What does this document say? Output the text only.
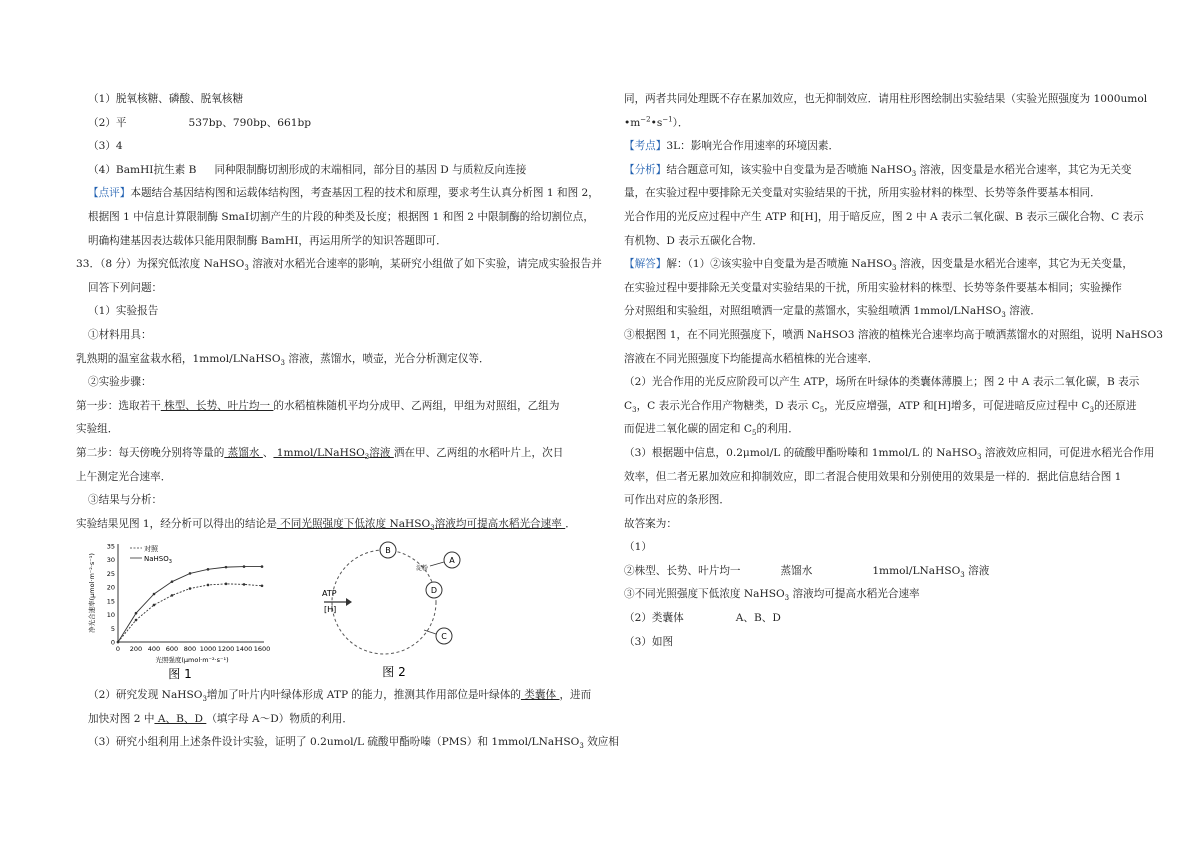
（1）脱氧核糖、磷酸、脱氧核糖
（2）平	537bp、790bp、661bp
（3）4
（4）BamHⅠ抗生素 B 同种限制酶切割形成的末端相同，部分目的基因 D 与质粒反向连接
【点评】本题结合基因结构图和运载体结构图，考查基因工程的技术和原理，要求考生认真分析图 1 和图 2，
根据图 1 中信息计算限制酶 SmaⅠ切割产生的片段的种类及长度；根据图 1 和图 2 中限制酶的给切割位点，
明确构建基因表达载体只能用限制酶 BamHⅠ，再运用所学的知识答题即可．
33．（8 分）为探究低浓度 NaHSO$_3$ 溶液对水稻光合速率的影响，某研究小组做了如下实验，请完成实验报告并
回答下列问题：
（1）实验报告
①材料用具：
乳熟期的温室盆栽水稻，1mmol/LNaHSO$_3$ 溶液，蒸馏水，喷壶，光合分析测定仪等．
②实验步骤：
第一步：选取若干 株型、长势、叶片均一 的水稻植株随机平均分成甲、乙两组，甲组为对照组，乙组为
实验组．
第二步：每天傍晚分别将等量的 蒸馏水 、 1mmol/LNaHSO$_3$溶液 洒在甲、乙两组的水稻叶片上，次日
上午测定光合速率．
③结果与分析：
实验结果见图 1，经分析可以得出的结论是 不同光照强度下低浓度 NaHSO$_3$溶液均可提高水稻光合速率 ．
0
5
10
15
20
25
30
35
0 200 400 600 800 1000 1200 1400 1600
净光合速率(μmol·m⁻²·s⁻¹)
光照强度(μmol·m⁻²·s⁻¹)
对照
NaHSO$_3$
图 1
ATP
[H]
B
A
淀粉
D
C
图 2
（2）研究发现 NaHSO$_3$增加了叶片内叶绿体形成 ATP 的能力，推测其作用部位是叶绿体的 类囊体 ，进而
加快对图 2 中 A、B、D （填字母 A～D）物质的利用．
（3）研究小组利用上述条件设计实验，证明了 0.2umol/L 硫酸甲酯吩嗪（PMS）和 1mmol/LNaHSO$_3$ 效应相
同，两者共同处理既不存在累加效应，也无抑制效应．请用柱形图绘制出实验结果（实验光照强度为 1000umol
$•m^{-2}•s^{-1}$）．
【考点】3L：影响光合作用速率的环境因素．
【分析】结合题意可知，该实验中自变量为是否喷施 NaHSO$_3$ 溶液，因变量是水稻光合速率，其它为无关变
量，在实验过程中要排除无关变量对实验结果的干扰，所用实验材料的株型、长势等条件要基本相同．
光合作用的光反应过程中产生 ATP 和[H]，用于暗反应，图 2 中 A 表示二氧化碳、B 表示三碳化合物、C 表示
有机物、D 表示五碳化合物．
【解答】解：（1）②该实验中自变量为是否喷施 NaHSO$_3$ 溶液，因变量是水稻光合速率，其它为无关变量，
在实验过程中要排除无关变量对实验结果的干扰，所用实验材料的株型、长势等条件要基本相同；实验操作
分对照组和实验组，对照组喷洒一定量的蒸馏水，实验组喷洒 1mmol/LNaHSO$_3$ 溶液．
③根据图 1，在不同光照强度下，喷洒 NaHSO3 溶液的植株光合速率均高于喷洒蒸馏水的对照组，说明 NaHSO3
溶液在不同光照强度下均能提高水稻植株的光合速率．
（2）光合作用的光反应阶段可以产生 ATP，场所在叶绿体的类囊体薄膜上；图 2 中 A 表示二氧化碳，B 表示
$C_3$，C 表示光合作用产物糖类，D 表示 $C_5$，光反应增强，ATP 和[H]增多，可促进暗反应过程中 $C_3$的还原进
而促进二氧化碳的固定和 $C_5$的利用．
（3）根据题中信息，0.2μmol/L 的硫酸甲酯吩嗪和 1mmol/L 的 NaHSO$_3$ 溶液效应相同，可促进水稻光合作用
效率，但二者无累加效应和抑制效应，即二者混合使用效果和分别使用的效果是一样的．据此信息结合图 1
可作出对应的条形图．
故答案为：
（1）
②株型、长势、叶片均一	蒸馏水	1mmol/LNaHSO$_3$ 溶液
③不同光照强度下低浓度 NaHSO$_3$ 溶液均可提高水稻光合速率
（2）类囊体	A、B、D
（3）如图
